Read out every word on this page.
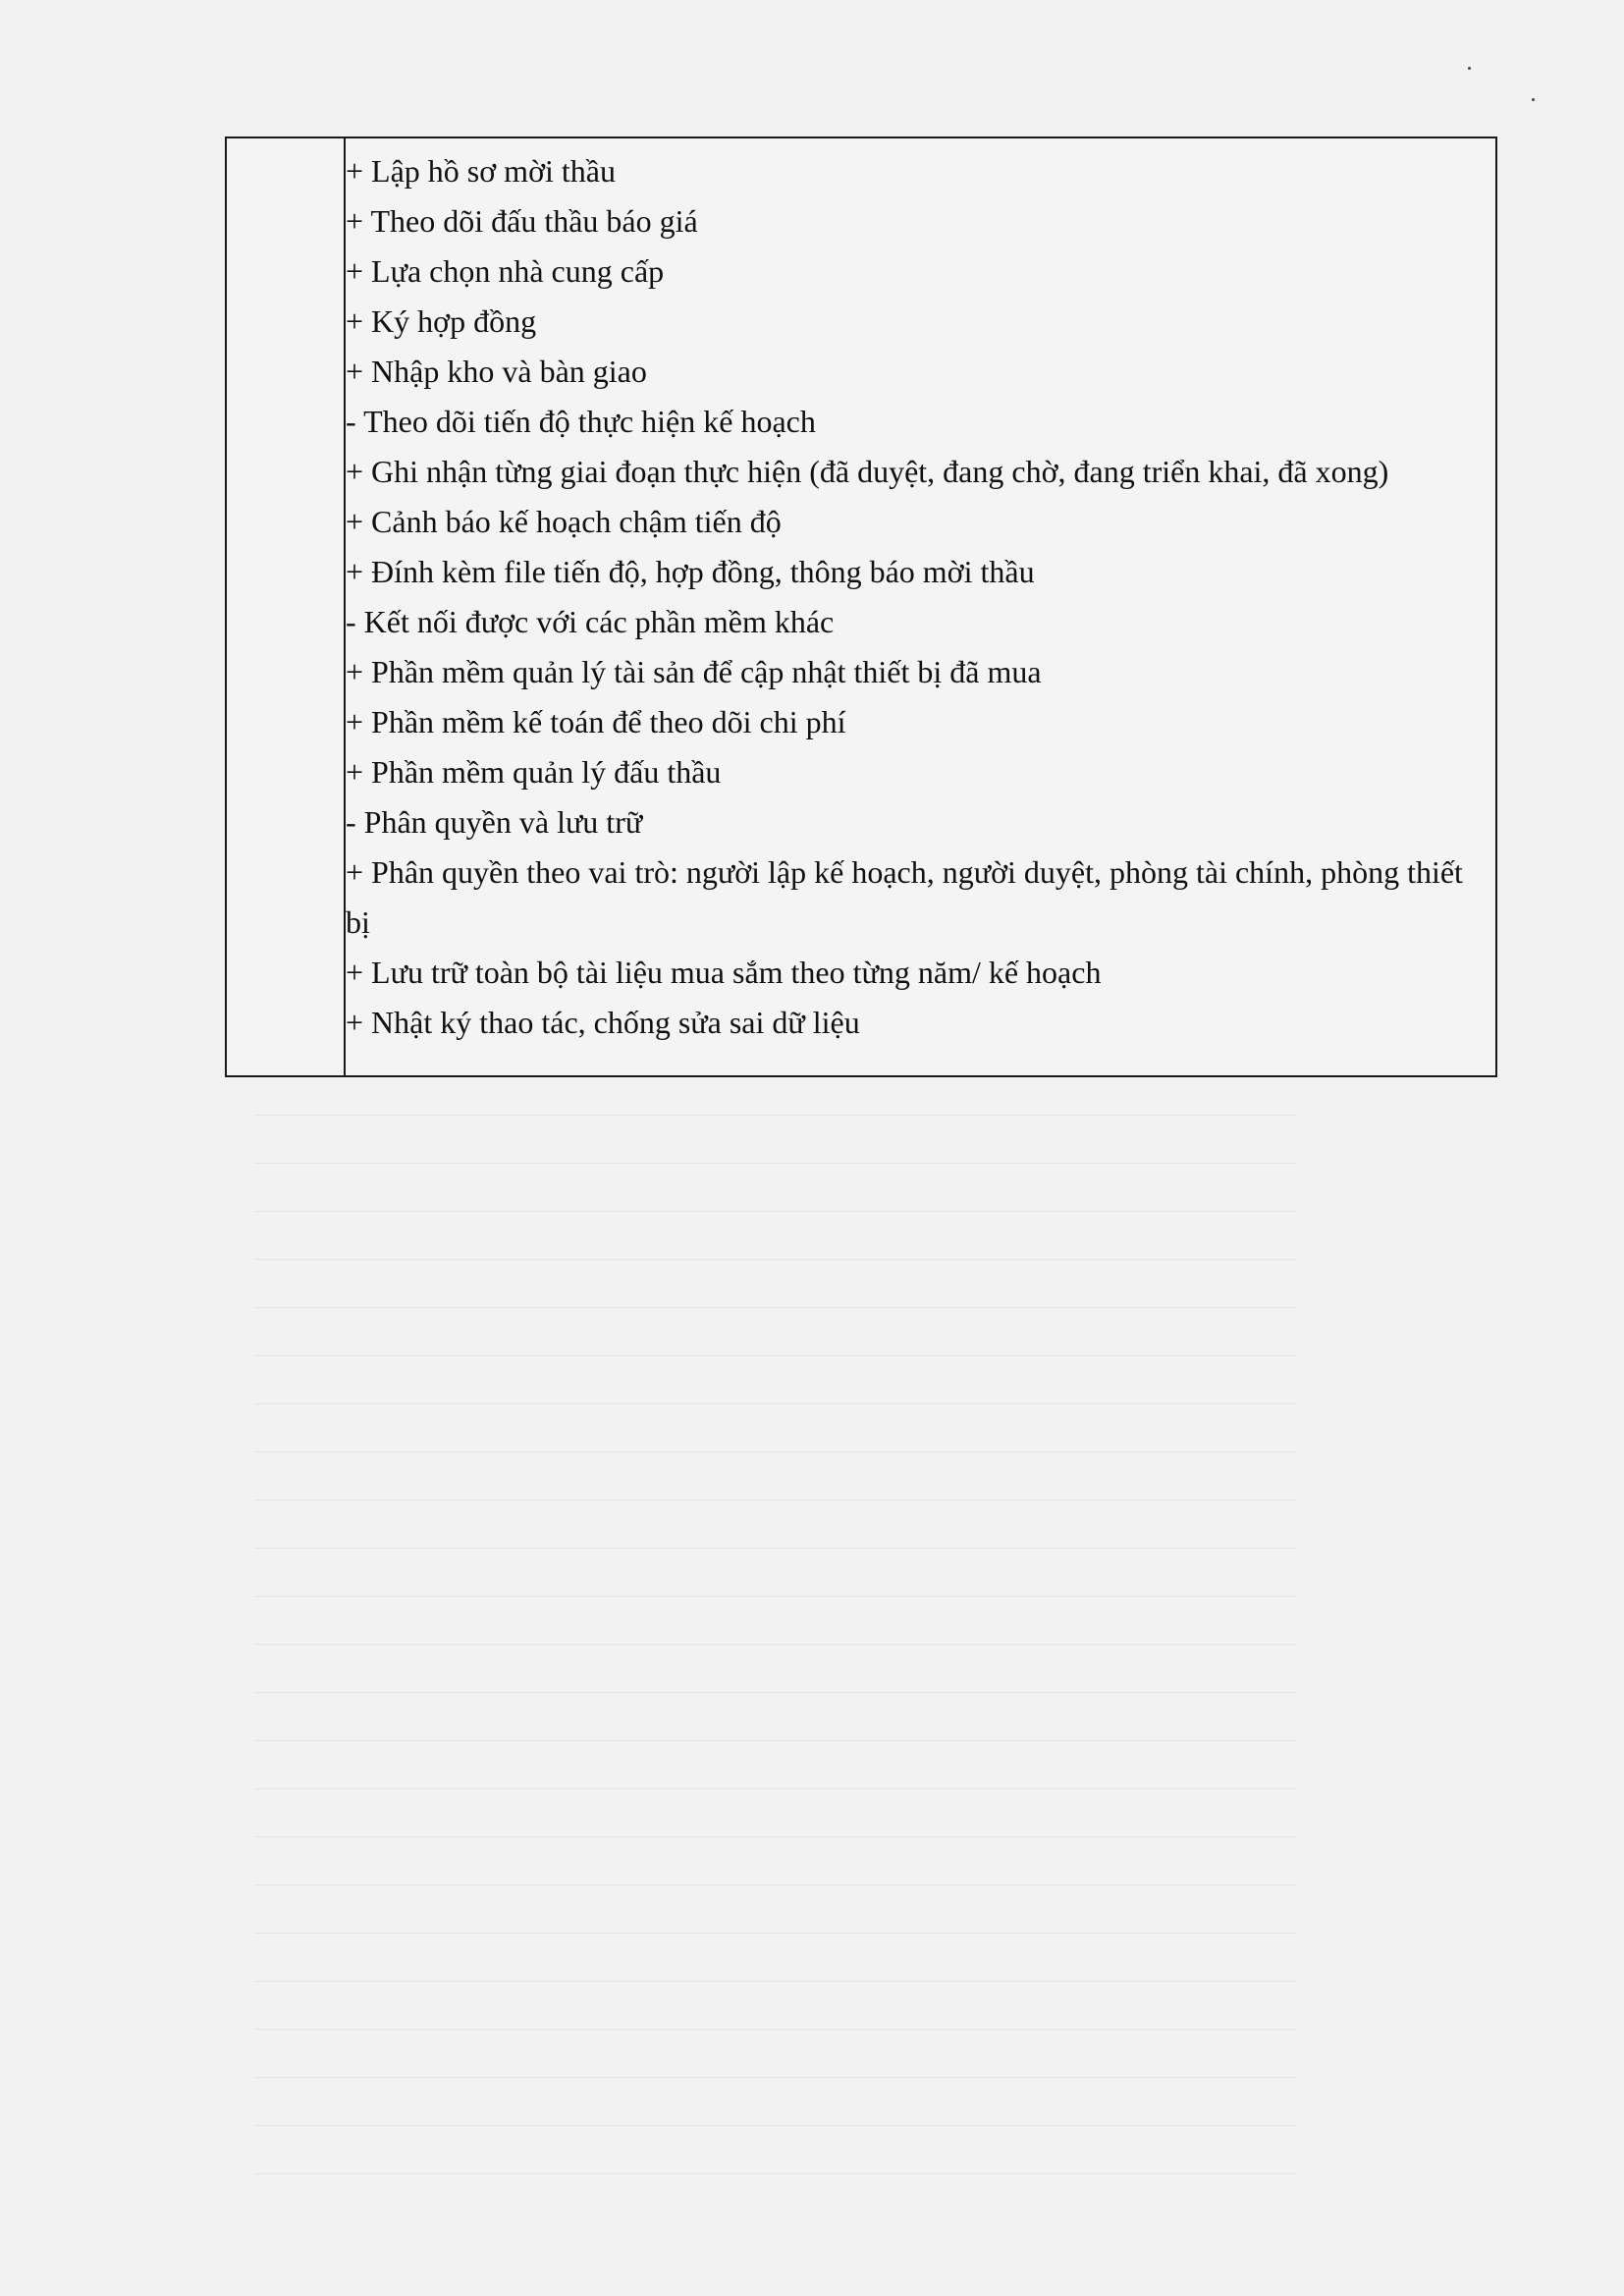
+ Lập hồ sơ mời thầu
+ Theo dõi đấu thầu báo giá
+ Lựa chọn nhà cung cấp
+ Ký hợp đồng
+ Nhập kho và bàn giao
- Theo dõi tiến độ thực hiện kế hoạch
+ Ghi nhận từng giai đoạn thực hiện (đã duyệt, đang chờ, đang triển khai, đã xong)
+ Cảnh báo kế hoạch chậm tiến độ
+ Đính kèm file tiến độ, hợp đồng, thông báo mời thầu
- Kết nối được với các phần mềm khác
+ Phần mềm quản lý tài sản để cập nhật thiết bị đã mua
+ Phần mềm kế toán để theo dõi chi phí
+ Phần mềm quản lý đấu thầu
- Phân quyền và lưu trữ
+ Phân quyền theo vai trò: người lập kế hoạch, người duyệt, phòng tài chính, phòng thiết bị
+ Lưu trữ toàn bộ tài liệu mua sắm theo từng năm/ kế hoạch
+ Nhật ký thao tác, chống sửa sai dữ liệu
